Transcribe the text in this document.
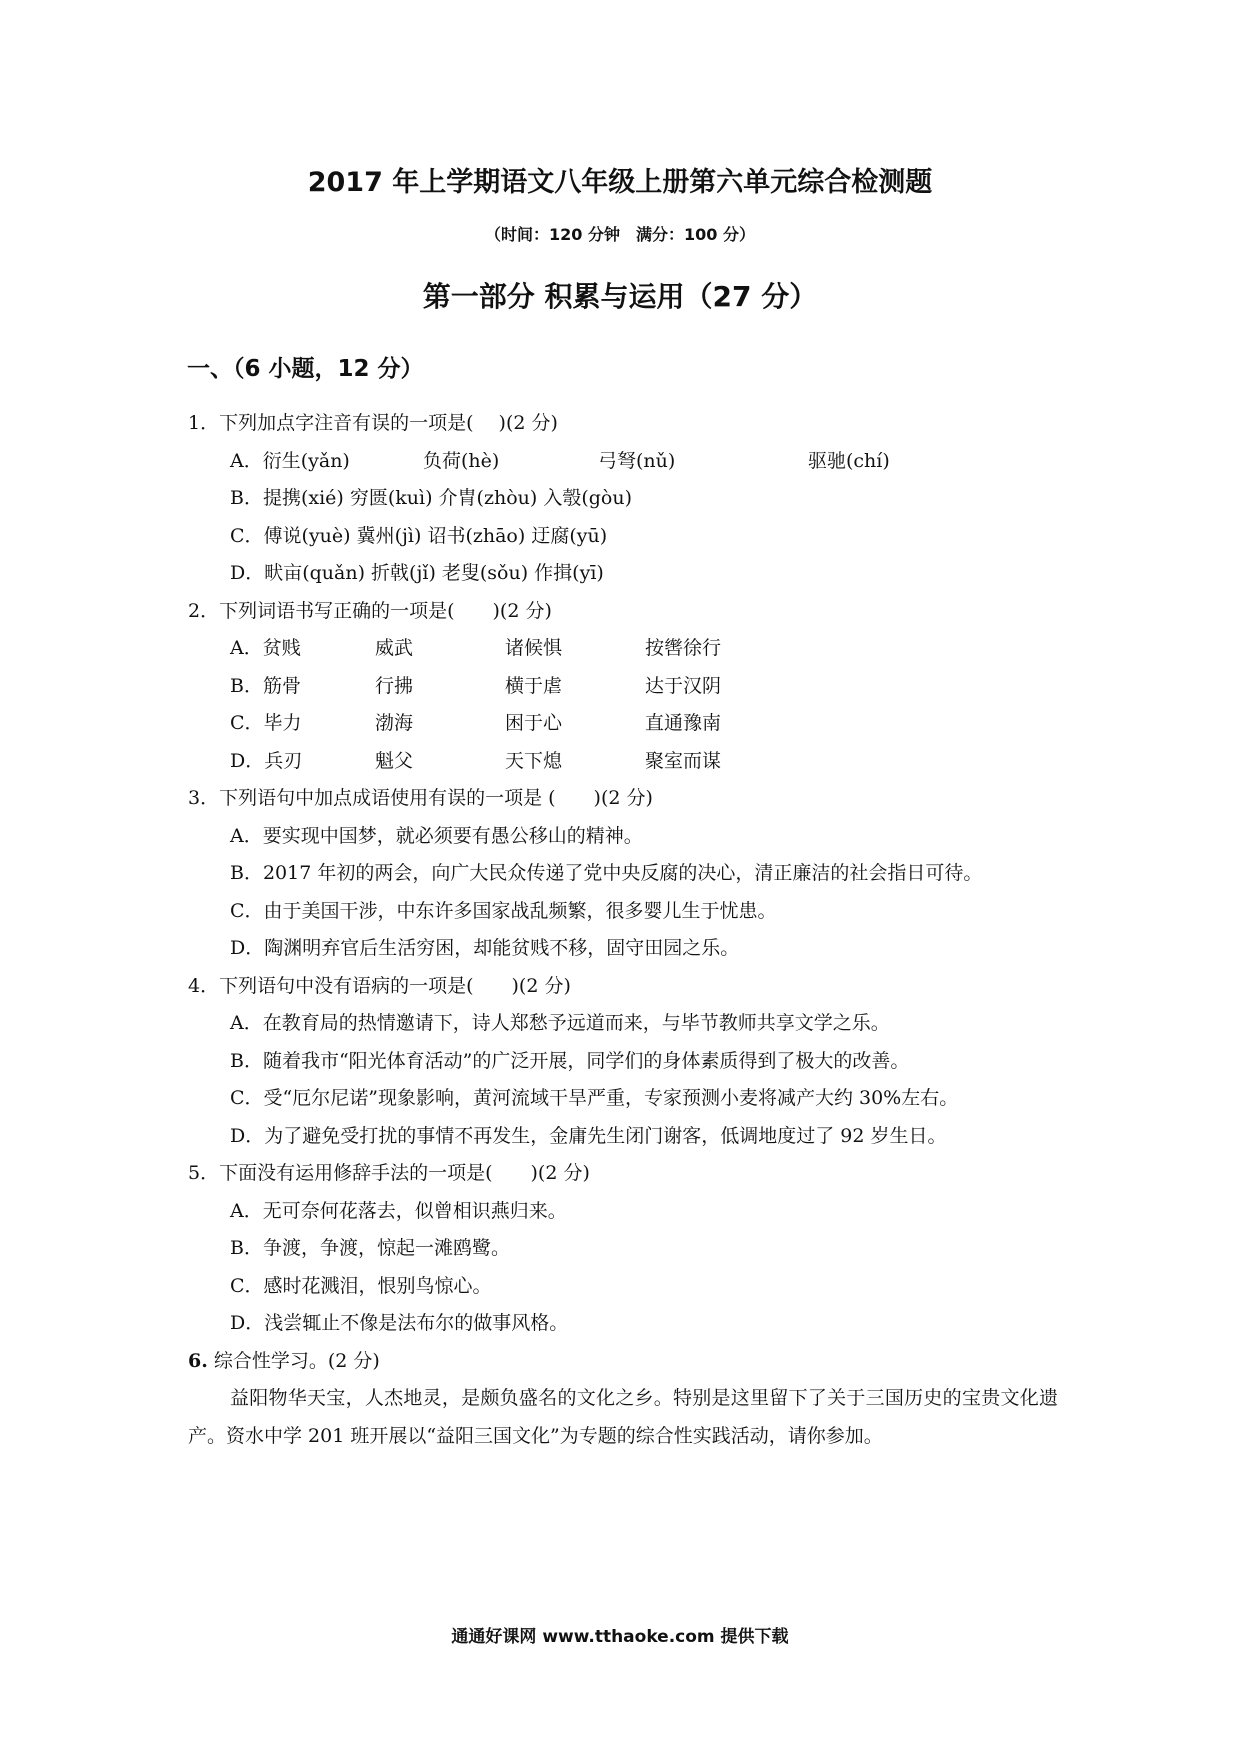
2017 年上学期语文八年级上册第六单元综合检测题
（时间：120 分钟　满分：100 分）
第一部分 积累与运用（27 分）
一、（6 小题，12 分）

1．下列加点字注音有误的一项是(　 )(2 分)

A．衍生(yǎn)	负荷(hè)	弓弩(nǔ)	驱驰(chí)

B．提携(xié) 穷匮(kuì) 介胄(zhòu) 入彀(gòu)

C．傅说(yuè) 冀州(jì) 诏书(zhāo) 迂腐(yū)

D．畎亩(quǎn) 折戟(jǐ) 老叟(sǒu) 作揖(yī)

2．下列词语书写正确的一项是(　　)(2 分)

A．贫贱	威武	诸候惧	按辔徐行
B．筋骨	行拂	横于虐	达于汉阴
C．毕力	渤海	困于心	直通豫南
D．兵刃	魁父	天下熄	聚室而谋

3．下列语句中加点成语使用有误的一项是 (　　)(2 分)

A．要实现中国梦，就必须要有愚公移山的精神。

B．2017 年初的两会，向广大民众传递了党中央反腐的决心，清正廉洁的社会指日可待。

C．由于美国干涉，中东许多国家战乱频繁，很多婴儿生于忧患。

D．陶渊明弃官后生活穷困，却能贫贱不移，固守田园之乐。

4．下列语句中没有语病的一项是(　　)(2 分)

A．在教育局的热情邀请下，诗人郑愁予远道而来，与毕节教师共享文学之乐。

B．随着我市“阳光体育活动”的广泛开展，同学们的身体素质得到了极大的改善。

C．受“厄尔尼诺”现象影响，黄河流域干旱严重，专家预测小麦将减产大约 30%左右。

D．为了避免受打扰的事情不再发生，金庸先生闭门谢客，低调地度过了 92 岁生日。

5．下面没有运用修辞手法的一项是(　　)(2 分)

A．无可奈何花落去，似曾相识燕归来。

B．争渡，争渡，惊起一滩鸥鹭。

C．感时花溅泪，恨别鸟惊心。

D．浅尝辄止不像是法布尔的做事风格。

6. 综合性学习。(2 分)

益阳物华天宝，人杰地灵，是颇负盛名的文化之乡。特别是这里留下了关于三国历史的宝贵文化遗产。资水中学 201 班开展以“益阳三国文化”为专题的综合性实践活动，请你参加。

通通好课网 www.tthaoke.com 提供下载
